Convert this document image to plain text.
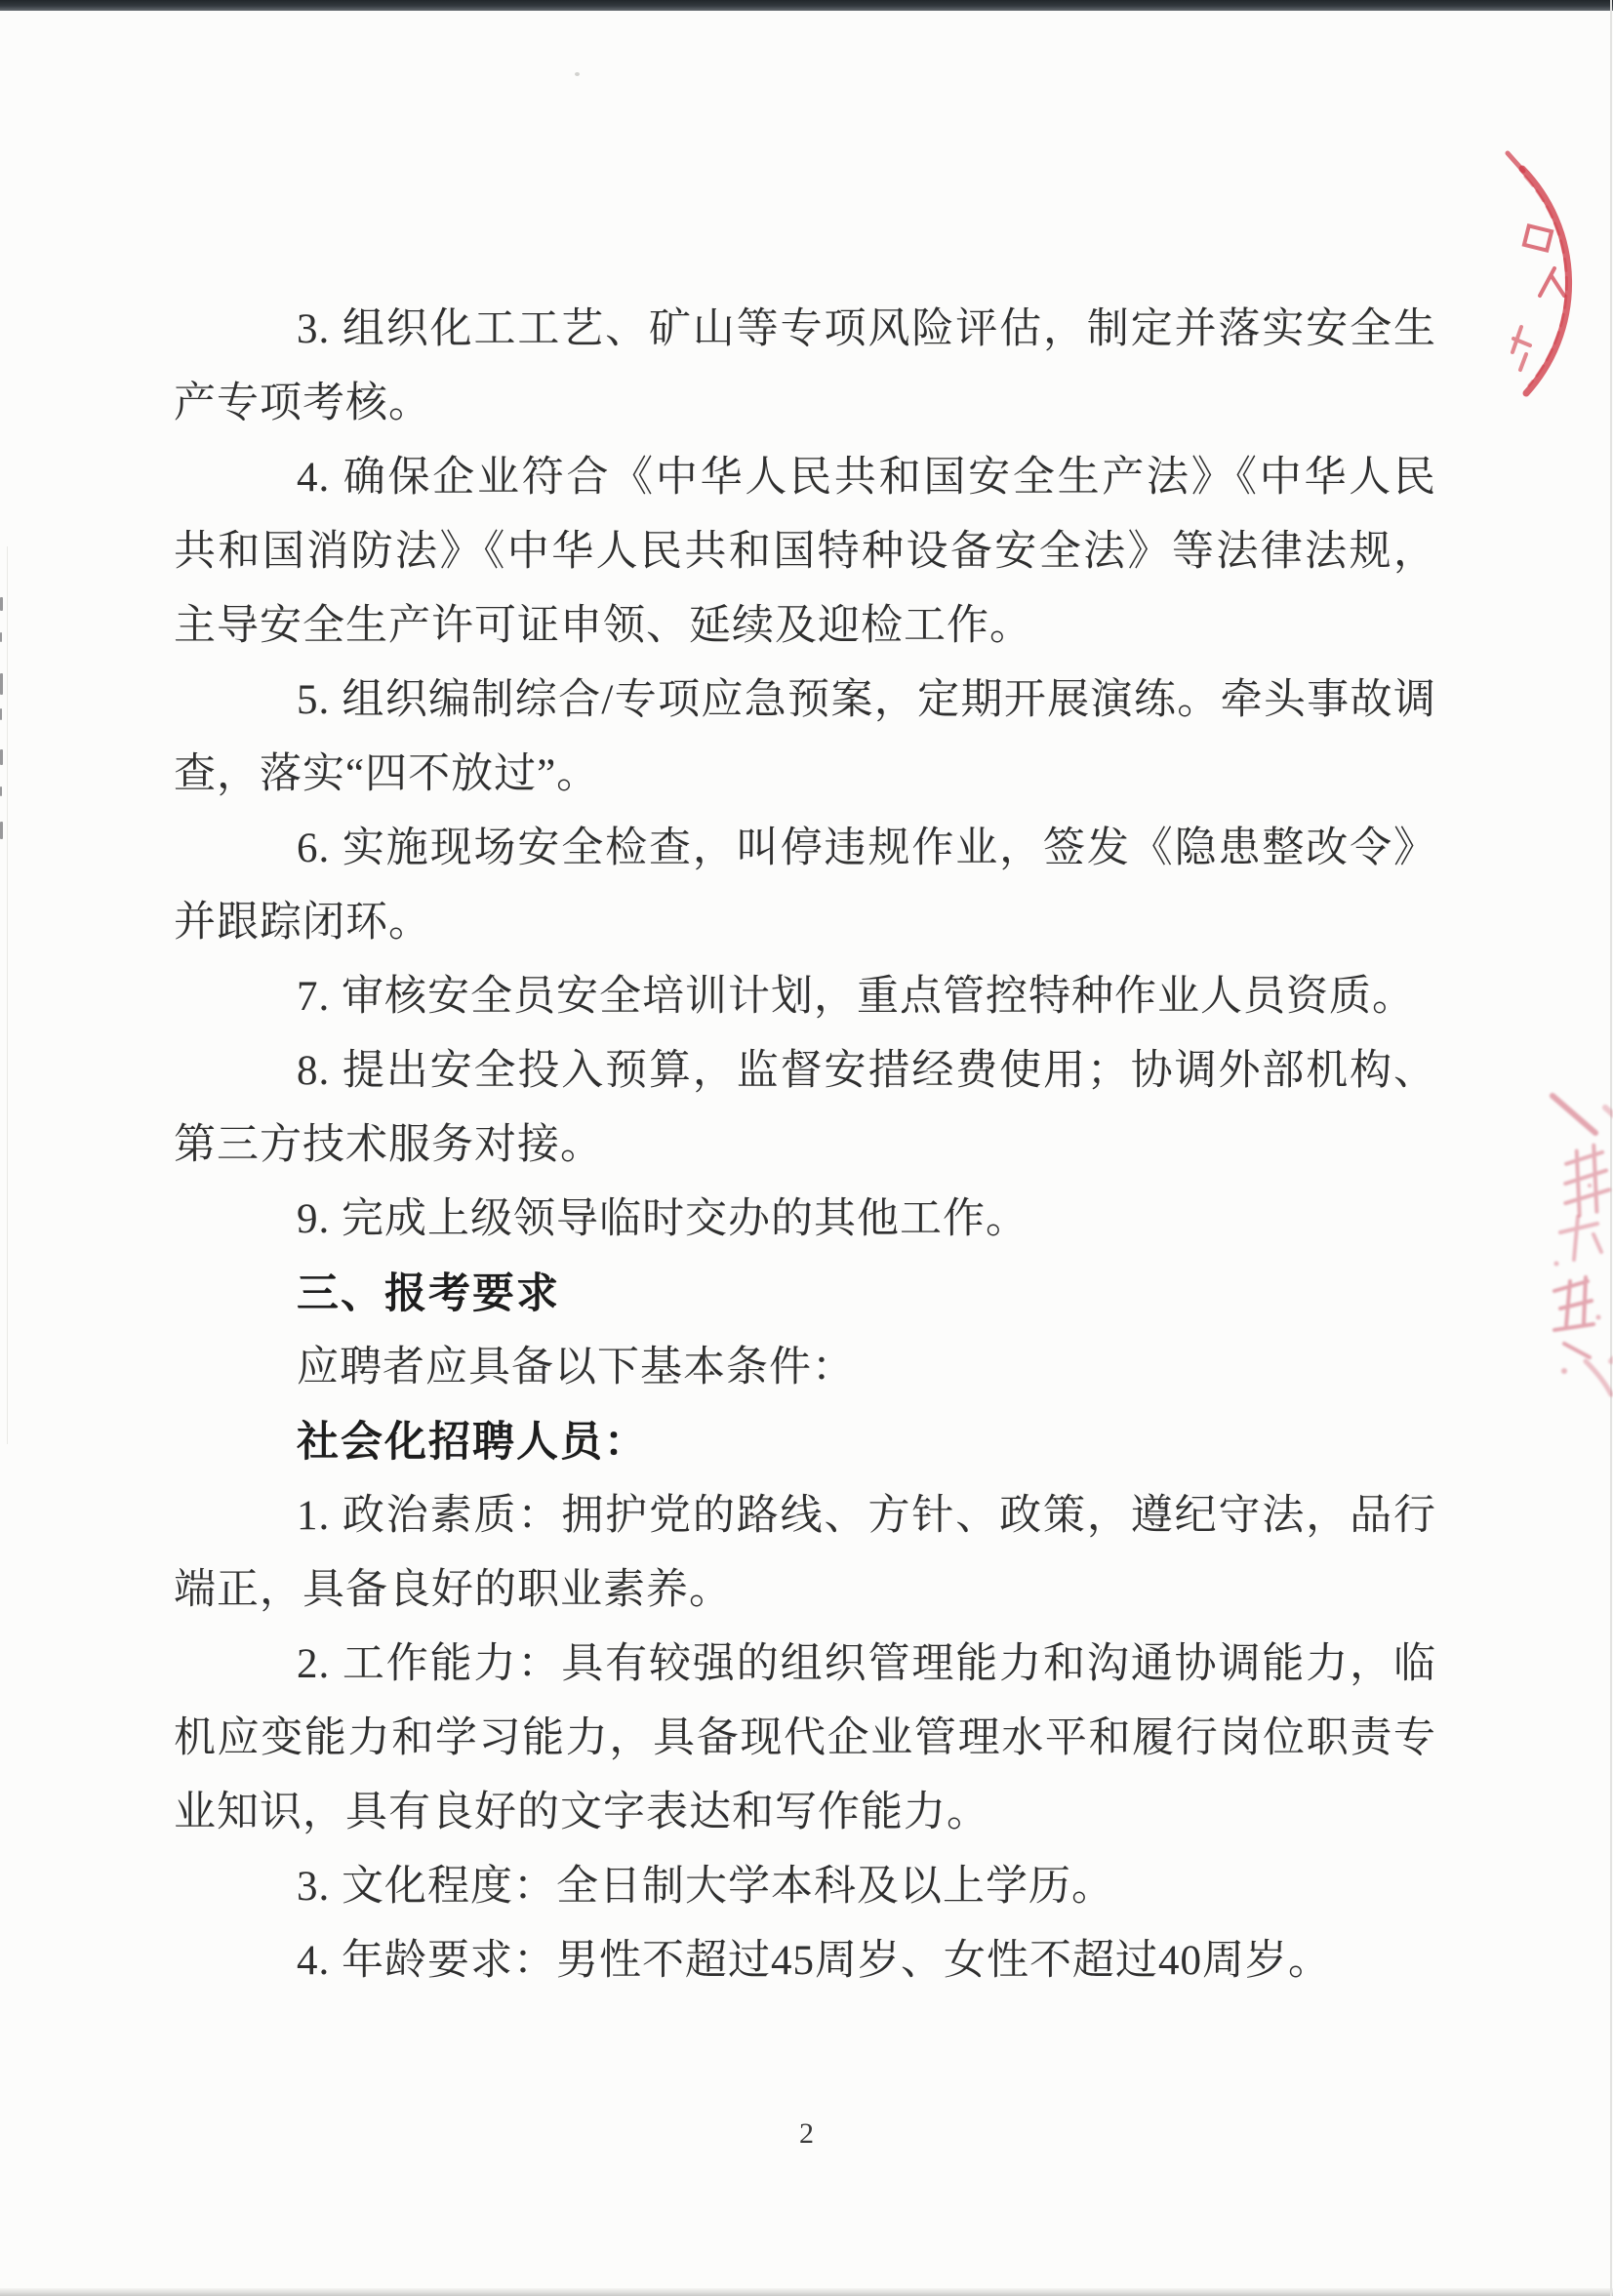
3. 组织化工工艺、矿山等专项风险评估，制定并落实安全生产专项考核。

4. 确保企业符合《中华人民共和国安全生产法》《中华人民共和国消防法》《中华人民共和国特种设备安全法》等法律法规，主导安全生产许可证申领、延续及迎检工作。

5. 组织编制综合/专项应急预案，定期开展演练。牵头事故调查，落实“四不放过”。

6. 实施现场安全检查，叫停违规作业，签发《隐患整改令》并跟踪闭环。

7. 审核安全员安全培训计划，重点管控特种作业人员资质。

8. 提出安全投入预算，监督安措经费使用；协调外部机构、第三方技术服务对接。

9. 完成上级领导临时交办的其他工作。

三、报考要求

应聘者应具备以下基本条件：

社会化招聘人员：

1. 政治素质：拥护党的路线、方针、政策，遵纪守法，品行端正，具备良好的职业素养。

2. 工作能力：具有较强的组织管理能力和沟通协调能力，临机应变能力和学习能力，具备现代企业管理水平和履行岗位职责专业知识，具有良好的文字表达和写作能力。

3. 文化程度：全日制大学本科及以上学历。

4. 年龄要求：男性不超过45周岁、女性不超过40周岁。

2
